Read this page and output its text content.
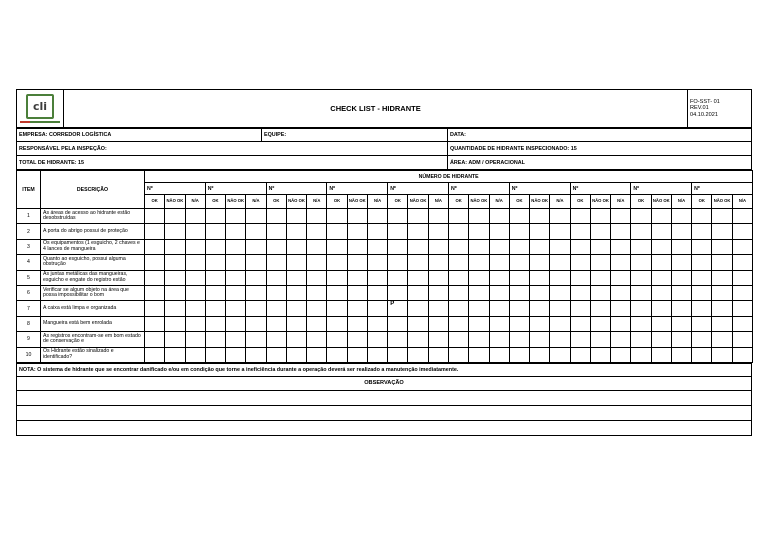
cli	CHECK LIST - HIDRANTE	
FO-SST- 01
REV.01
04.10.2021
EMPRESA: CORREDOR LOGÍSTICA	EQUIPE:	DATA:
RESPONSÁVEL PELA INSPEÇÃO:		QUANTIDADE DE HIDRANTE INSPECIONADO: 15
TOTAL DE HIDRANTE: 15		ÁREA: ADM / OPERACIONAL
ITEM	DESCRIÇÃO	NÚMERO DE HIDRANTE																													
		Nº			Nº			Nº			Nº			Nº			Nº			Nº			Nº			Nº			Nº		
		OK	NÃO OK	N/A	OK	NÃO OK	N/A	OK	NÃO OK	N/A	OK	NÃO OK	N/A	OK	NÃO OK	N/A	OK	NÃO OK	N/A	OK	NÃO OK	N/A	OK	NÃO OK	N/A	OK	NÃO OK	N/A	OK	NÃO OK	N/A
1	As áreas de acesso ao hidrante estão desobstruídas																														
2	A porta do abrigo possui de proteção																														
3	Os equipamentos (1 esguicho, 2 chaves e 4 lances de mangueira																														
4	Quanto ao esguicho, possui alguma obstrução																														
5	As juntas metálicas das mangueiras, esguicho e engate do registro estão																														
6	Verificar se algum objeto na área que possa impossibilitar o bom																														
7	A caixa está limpa e organizada													P																	
8	Mangueira está bem enrolada																														
9	As registros encontram-se em bom estado de conservação e																														
10	Os Hidrante estão sinalizado e identificado?																														
NOTA: O sistema de hidrante que se encontrar danificado e/ou em condição que torne a ineficiência durante a operação deverá ser realizado a manutenção imediatamente.
OBSERVAÇÃO
